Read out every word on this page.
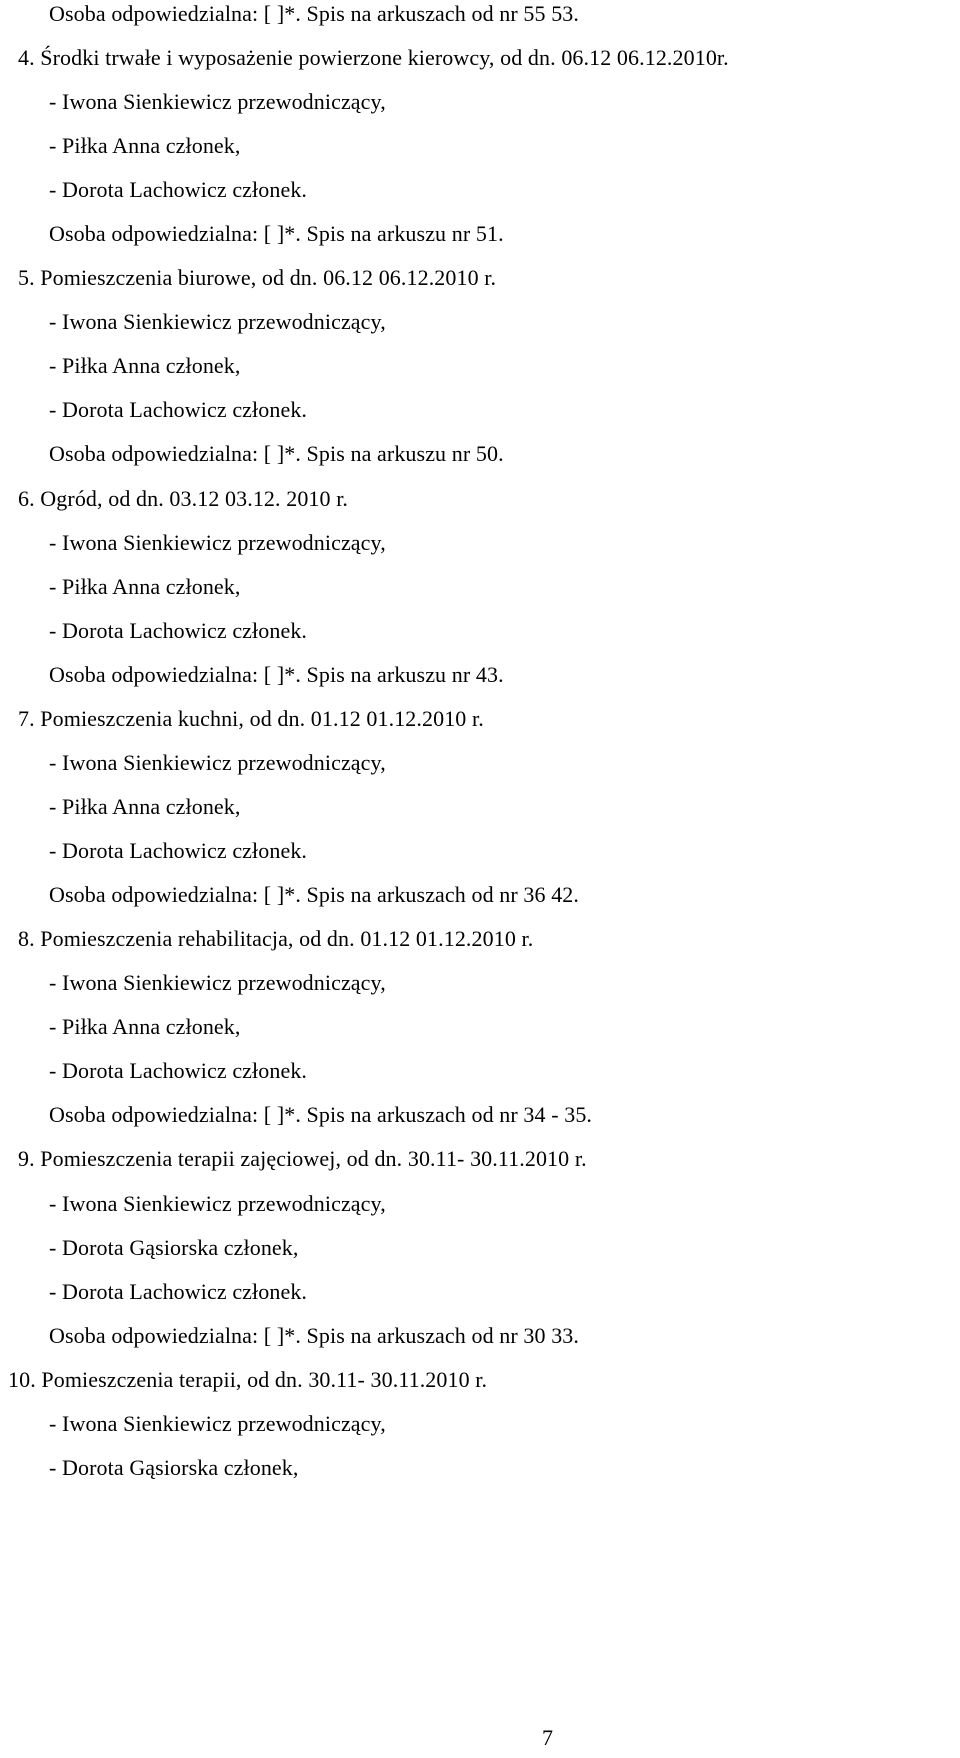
Osoba odpowiedzialna: [ ]*. Spis na arkuszach od nr 55 53.
4. Środki trwałe i wyposażenie powierzone kierowcy, od dn. 06.12 06.12.2010r.
- Iwona Sienkiewicz przewodniczący,
- Piłka Anna członek,
- Dorota Lachowicz członek.
Osoba odpowiedzialna: [ ]*. Spis na arkuszu nr 51.
5. Pomieszczenia biurowe, od dn. 06.12 06.12.2010 r.
- Iwona Sienkiewicz przewodniczący,
- Piłka Anna członek,
- Dorota Lachowicz członek.
Osoba odpowiedzialna: [ ]*. Spis na arkuszu nr 50.
6. Ogród, od dn. 03.12 03.12. 2010 r.
- Iwona Sienkiewicz przewodniczący,
- Piłka Anna członek,
- Dorota Lachowicz członek.
Osoba odpowiedzialna: [ ]*. Spis na arkuszu nr 43.
7. Pomieszczenia kuchni, od dn. 01.12 01.12.2010 r.
- Iwona Sienkiewicz przewodniczący,
- Piłka Anna członek,
- Dorota Lachowicz członek.
Osoba odpowiedzialna: [ ]*. Spis na arkuszach od nr 36 42.
8. Pomieszczenia rehabilitacja, od dn. 01.12 01.12.2010 r.
- Iwona Sienkiewicz przewodniczący,
- Piłka Anna członek,
- Dorota Lachowicz członek.
Osoba odpowiedzialna: [ ]*. Spis na arkuszach od nr 34 - 35.
9. Pomieszczenia terapii zajęciowej, od dn. 30.11- 30.11.2010 r.
- Iwona Sienkiewicz przewodniczący,
- Dorota Gąsiorska członek,
- Dorota Lachowicz członek.
Osoba odpowiedzialna: [ ]*. Spis na arkuszach od nr 30 33.
10. Pomieszczenia terapii, od dn. 30.11- 30.11.2010 r.
- Iwona Sienkiewicz przewodniczący,
- Dorota Gąsiorska członek,
7
